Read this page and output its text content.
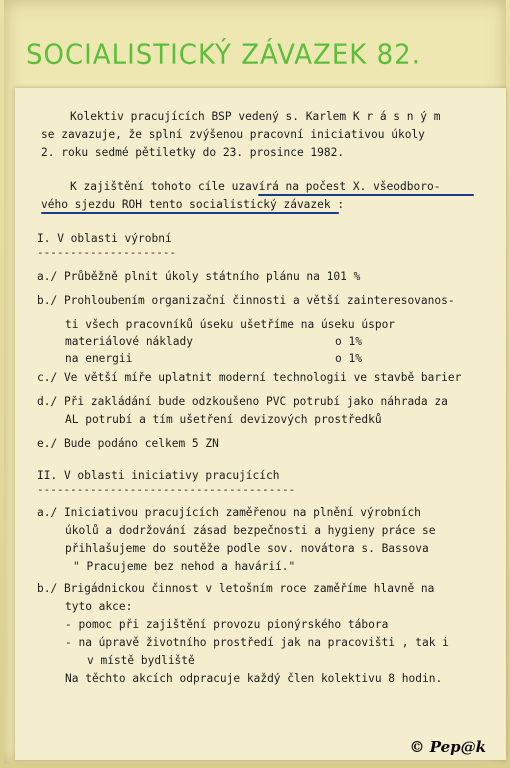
SOCIALISTICKÝ ZÁVAZEK 82.
Kolektiv pracujících BSP vedený s. Karlem K r á s n ý m
se zavazuje, že splní zvýšenou pracovní iniciativou úkoly
2. roku sedmé pětiletky do 23. prosince 1982.
K zajištění tohoto cíle uzavírá na počest X. všeodboro-
vého sjezdu ROH tento socialistický závazek :
I. V oblasti výrobní
---------------------
a./ Průběžně plnit úkoly státního plánu na 101 %
b./ Prohloubením organizační činnosti a větší zainteresovanos-
ti všech pracovníků úseku ušetříme na úseku úspor
materiálové náklady	o 1%
na energii	o 1%
c./ Ve větší míře uplatnit moderní technologii ve stavbě barier
d./ Při zakládání bude odzkoušeno PVC potrubí jako náhrada za
AL potrubí a tím ušetření devizových prostředků
e./ Bude podáno celkem 5 ZN
II. V oblasti iniciativy pracujících
---------------------------------------
a./ Iniciativou pracujících zaměřenou na plnění výrobních
úkolů a dodržování zásad bezpečnosti a hygieny práce se
přihlašujeme do soutěže podle sov. novátora s. Bassova
" Pracujeme bez nehod a havárií."
b./ Brigádnickou činnost v letošním roce zaměříme hlavně na
tyto akce:
- pomoc při zajištění provozu pionýrského tábora
- na úpravě životního prostředí jak na pracovišti , tak i
v místě bydliště
Na těchto akcích odpracuje každý člen kolektivu 8 hodin.
© Pep@k
